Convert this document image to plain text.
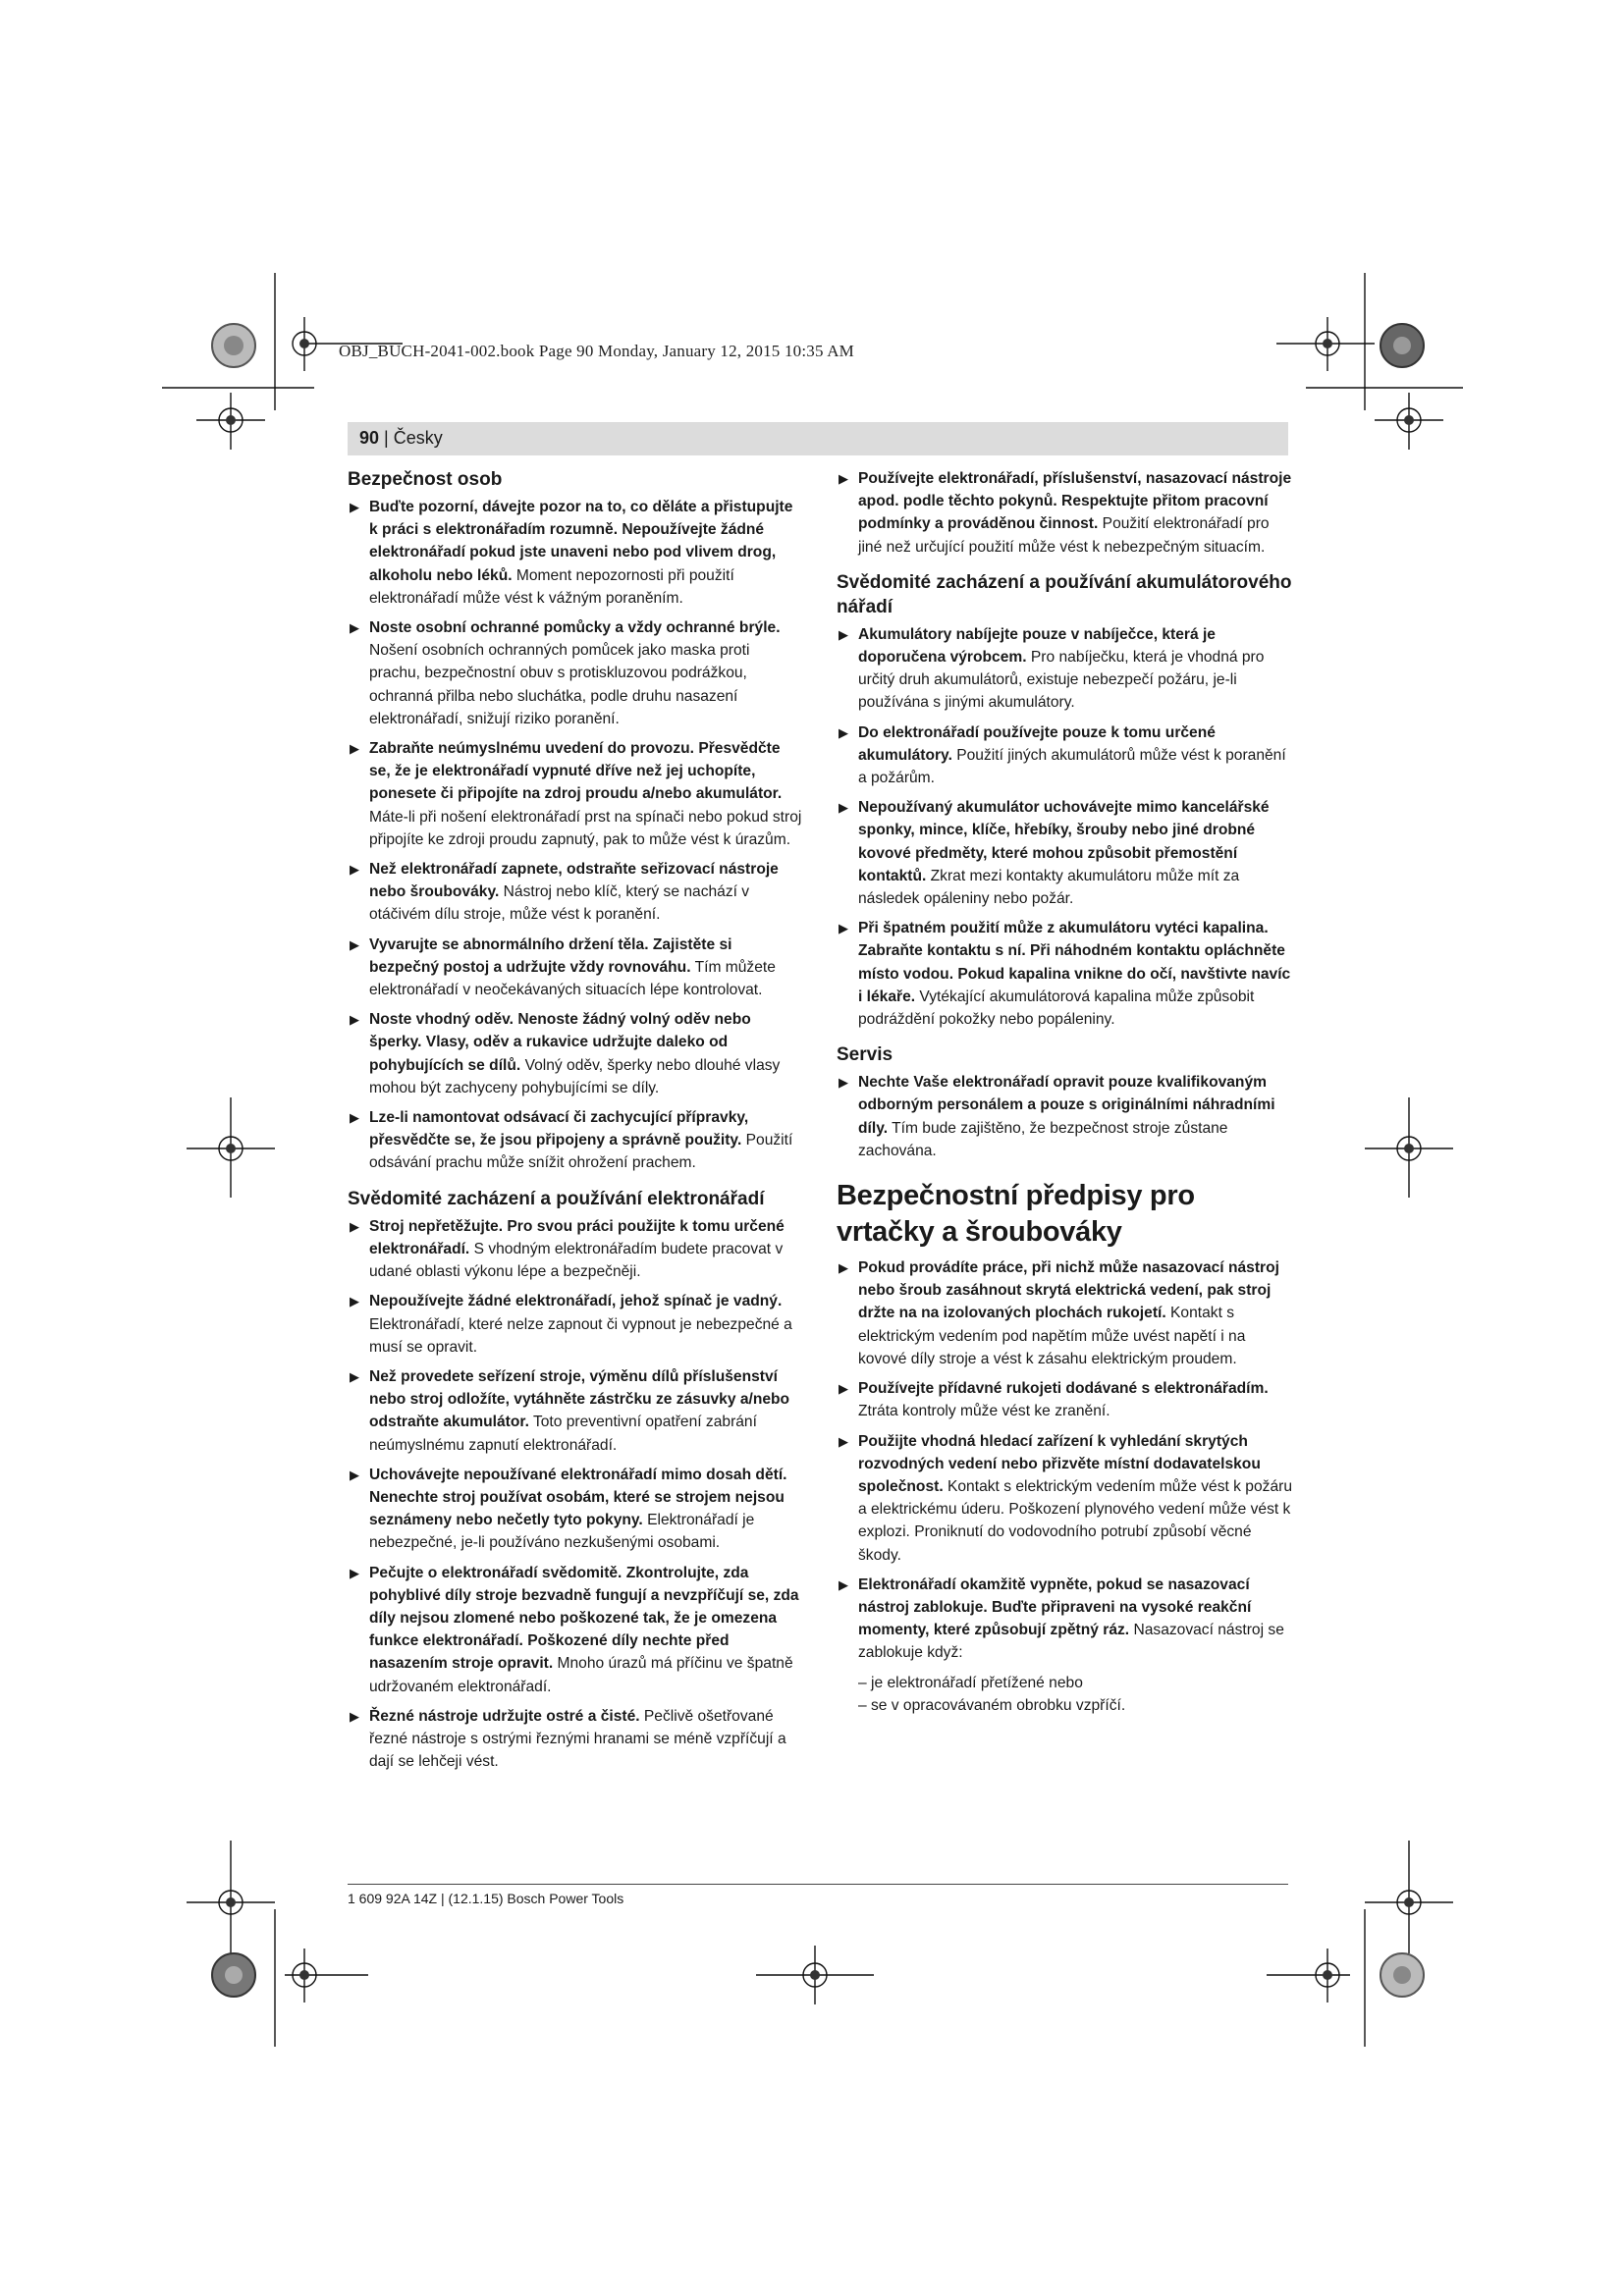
OBJ_BUCH-2041-002.book Page 90 Monday, January 12, 2015 10:35 AM
90 | Česky
Bezpečnost osob
▶ Buďte pozorní, dávejte pozor na to, co děláte a přistupujte k práci s elektronářadím rozumně. Nepoužívejte žádné elektronářadí pokud jste unaveni nebo pod vlivem drog, alkoholu nebo léků. Moment nepozornosti při použití elektronářadí může vést k vážným poraněním.
▶ Noste osobní ochranné pomůcky a vždy ochranné brýle. Nošení osobních ochranných pomůcek jako maska proti prachu, bezpečnostní obuv s protiskluzovou podrážkou, ochranná přilba nebo sluchátka, podle druhu nasazení elektronářadí, snižují riziko poranění.
▶ Zabraňte neúmyslnému uvedení do provozu. Přesvědčte se, že je elektronářadí vypnuté dříve než jej uchopíte, ponesete či připojíte na zdroj proudu a/nebo akumulátor. Máte-li při nošení elektronářadí prst na spínači nebo pokud stroj připojíte ke zdroji proudu zapnutý, pak to může vést k úrazům.
▶ Než elektronářadí zapnete, odstraňte seřizovací nástroje nebo šroubováky. Nástroj nebo klíč, který se nachází v otáčivém dílu stroje, může vést k poranění.
▶ Vyvarujte se abnormálního držení těla. Zajistěte si bezpečný postoj a udržujte vždy rovnováhu. Tím můžete elektronářadí v neočekávaných situacích lépe kontrolovat.
▶ Noste vhodný oděv. Nenoste žádný volný oděv nebo šperky. Vlasy, oděv a rukavice udržujte daleko od pohybujících se dílů. Volný oděv, šperky nebo dlouhé vlasy mohou být zachyceny pohybujícími se díly.
▶ Lze-li namontovat odsávací či zachycující přípravky, přesvědčte se, že jsou připojeny a správně použity. Použití odsávání prachu může snížit ohrožení prachem.
Svědomité zacházení a používání elektronářadí
▶ Stroj nepřetěžujte. Pro svou práci použijte k tomu určené elektronářadí. S vhodným elektronářadím budete pracovat v udané oblasti výkonu lépe a bezpečněji.
▶ Nepoužívejte žádné elektronářadí, jehož spínač je vadný. Elektronářadí, které nelze zapnout či vypnout je nebezpečné a musí se opravit.
▶ Než provedete seřízení stroje, výměnu dílů příslušenství nebo stroj odložíte, vytáhněte zástrčku ze zásuvky a/nebo odstraňte akumulátor. Toto preventivní opatření zabrání neúmyslnému zapnutí elektronářadí.
▶ Uchovávejte nepoužívané elektronářadí mimo dosah dětí. Nenechte stroj používat osobám, které se strojem nejsou seznámeny nebo nečetly tyto pokyny. Elektronářadí je nebezpečné, je-li používáno nezkušenými osobami.
▶ Pečujte o elektronářadí svědomitě. Zkontrolujte, zda pohyblivé díly stroje bezvadně fungují a nevzpříčují se, zda díly nejsou zlomené nebo poškozené tak, že je omezena funkce elektronářadí. Poškozené díly nechte před nasazením stroje opravit. Mnoho úrazů má příčinu ve špatně udržovaném elektronářadí.
▶ Řezné nástroje udržujte ostré a čisté. Pečlivě ošetřované řezné nástroje s ostrými řeznými hranami se méně vzpříčují a dají se lehčeji vést.
▶ Používejte elektronářadí, příslušenství, nasazovací nástroje apod. podle těchto pokynů. Respektujte přitom pracovní podmínky a prováděnou činnost. Použití elektronářadí pro jiné než určující použití může vést k nebezpečným situacím.
Svědomité zacházení a používání akumulátorového nářadí
▶ Akumulátory nabíjejte pouze v nabíječce, která je doporučena výrobcem. Pro nabíječku, která je vhodná pro určitý druh akumulátorů, existuje nebezpečí požáru, je-li používána s jinými akumulátory.
▶ Do elektronářadí používejte pouze k tomu určené akumulátory. Použití jiných akumulátorů může vést k poranění a požárům.
▶ Nepoužívaný akumulátor uchovávejte mimo kancelářské sponky, mince, klíče, hřebíky, šrouby nebo jiné drobné kovové předměty, které mohou způsobit přemostění kontaktů. Zkrat mezi kontakty akumulátoru může mít za následek opáleniny nebo požár.
▶ Při špatném použití může z akumulátoru vytéci kapalina. Zabraňte kontaktu s ní. Při náhodném kontaktu opláchněte místo vodou. Pokud kapalina vnikne do očí, navštivte navíc i lékaře. Vytékající akumulátorová kapalina může způsobit podráždění pokožky nebo popáleniny.
Servis
▶ Nechte Vaše elektronářadí opravit pouze kvalifikovaným odborným personálem a pouze s originálními náhradními díly. Tím bude zajištěno, že bezpečnost stroje zůstane zachována.
Bezpečnostní předpisy pro vrtačky a šroubováky
▶ Pokud provádíte práce, při nichž může nasazovací nástroj nebo šroub zasáhnout skrytá elektrická vedení, pak stroj držte na na izolovaných plochách rukojetí. Kontakt s elektrickým vedením pod napětím může uvést napětí i na kovové díly stroje a vést k zásahu elektrickým proudem.
▶ Používejte přídavné rukojeti dodávané s elektronářadím. Ztráta kontroly může vést ke zranění.
▶ Použijte vhodná hledací zařízení k vyhledání skrytých rozvodných vedení nebo přizvěte místní dodavatelskou společnost. Kontakt s elektrickým vedením může vést k požáru a elektrickému úderu. Poškození plynového vedení může vést k explozi. Proniknutí do vodovodního potrubí způsobí věcné škody.
▶ Elektronářadí okamžitě vypněte, pokud se nasazovací nástroj zablokuje. Buďte připraveni na vysoké reakční momenty, které způsobují zpětný ráz. Nasazovací nástroj se zablokuje když:

– je elektronářadí přetížené nebo

– se v opracovávaném obrobku vzpříčí.

1 609 92A 14Z | (12.1.15) Bosch Power Tools
